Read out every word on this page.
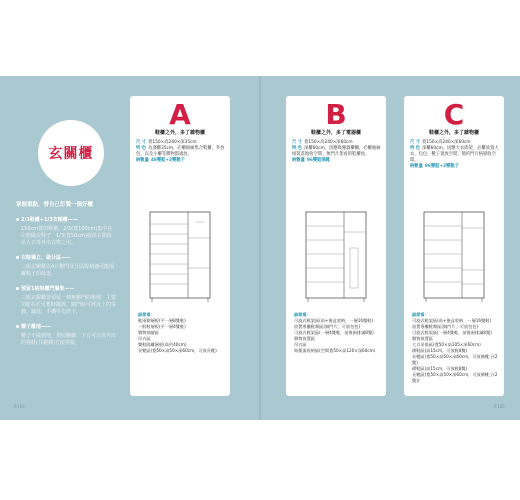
玄關櫃
掌握重點，替自己訂製一個好櫃
2/3鞋櫃+1/3衣帽櫃——
150cm寬的鞋櫃，2/3(寬100cm)集中在左側做放鞋子，1/3(寬50cm)提供右側掛吊大衣等外出衣物之用。
衣鞋獨立、做分區——
三組玄關櫃以4片櫃門及分區收納適可能隔離鞋子的味道。
預留1格無櫃門層架——
三組玄關櫃皆預留一個無櫃門的格層，主要功能在於可暫時擺放，隨門時可將身上的零錢、鑰匙、手機等先放下。
櫃子離地——
櫃子不做到地，預留櫃腳，下方可以放外出的拖鞋(共鍵陳)方便穿脫。
P.183	P.185
A
鞋櫃之外，多了雜物櫃
尺 寸 寬150×高240×深35cm
特 色 為淺櫃35cm，必櫃抽屜集合鞋櫃，外放包、以及小櫃等雜物都適放。
納數量 48雙鞋+2雙靴子
細節看：
鞋兩側層板(平一層8雙鞋)
一般鞋層板(平一層4雙鞋)
雜物抽屜區
吊衣區
雙鞋隔離層板(高約40cm)
長靴區(寬50×高50×深60cm，可放長靴)
B
鞋櫃之外，多了電器櫃
尺 寸 寬150×高240×深60cm
特 色 深櫃60cm，因應吸塵器櫃櫃，必櫃抽屜組裝落地收空間、無門片架看的鞋櫃放。
納數量 96雙鞋隔靴
細節看：
可旋式鞋架區(前+後盒收納，一層16雙鞋)
放置專櫃鞋類區(無門片，可放包包)
可旋式鞋架區(一層4雙鞋，前後兩排鋪8雙)
雜物放置區
吊衣區
吸塵器收納區(空間寬50×高120×深60cm)
C
鞋櫃之外，多了雜物櫃
尺 寸 寬150×高240×深60cm
特 色 深櫃60cm，因應大衣掛架、必櫃放置大衣、包包、靴子置放空間，簡約門片格層收空間。
納數量 96雙鞋+2雙靴子
細節看：
可旋式鞋架區(前+後盒收納，一層16雙鞋)
放置專櫃鞋類區(無門片，可放包包)
可旋式鞋架區(一層4雙鞋，前後兩排鋪8雙)
雜物放置區
大衣吊掛區(寬50×高105×深60cm)
備鞋區(高15cm，可放鞋8雙)
長靴區(寬50×高50×深60cm，可放備靴子(2雙)
備鞋區(高15cm，可放鞋8雙)
長靴區(寬50×高50×深60cm，可放備靴子(2雙))
